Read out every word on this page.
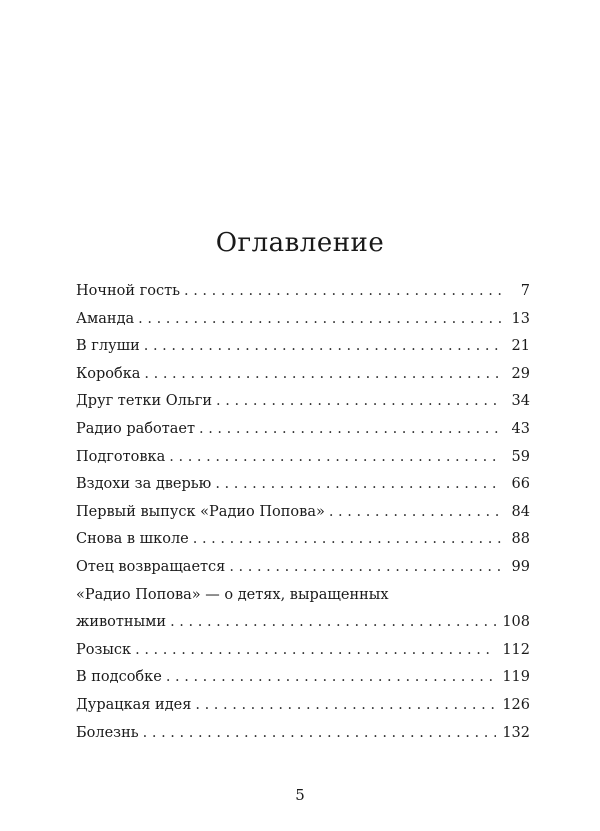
Оглавление
Ночной гость . . .	7
Аманда . . .	13
В глуши . . .	21
Коробка . . .	29
Друг тетки Ольги . . .	34
Радио работает . . .	43
Подготовка . . .	59
Вздохи за дверью . . .	66
Первый выпуск «Радио Попова» . . .	84
Снова в школе . . .	88
Отец возвращается . . .	99
«Радио Попова» — о детях, выращенных
животными . . .	108
Розыск . . .	112
В подсобке . . .	119
Дурацкая идея . . .	126
Болезнь . . .	132
5
